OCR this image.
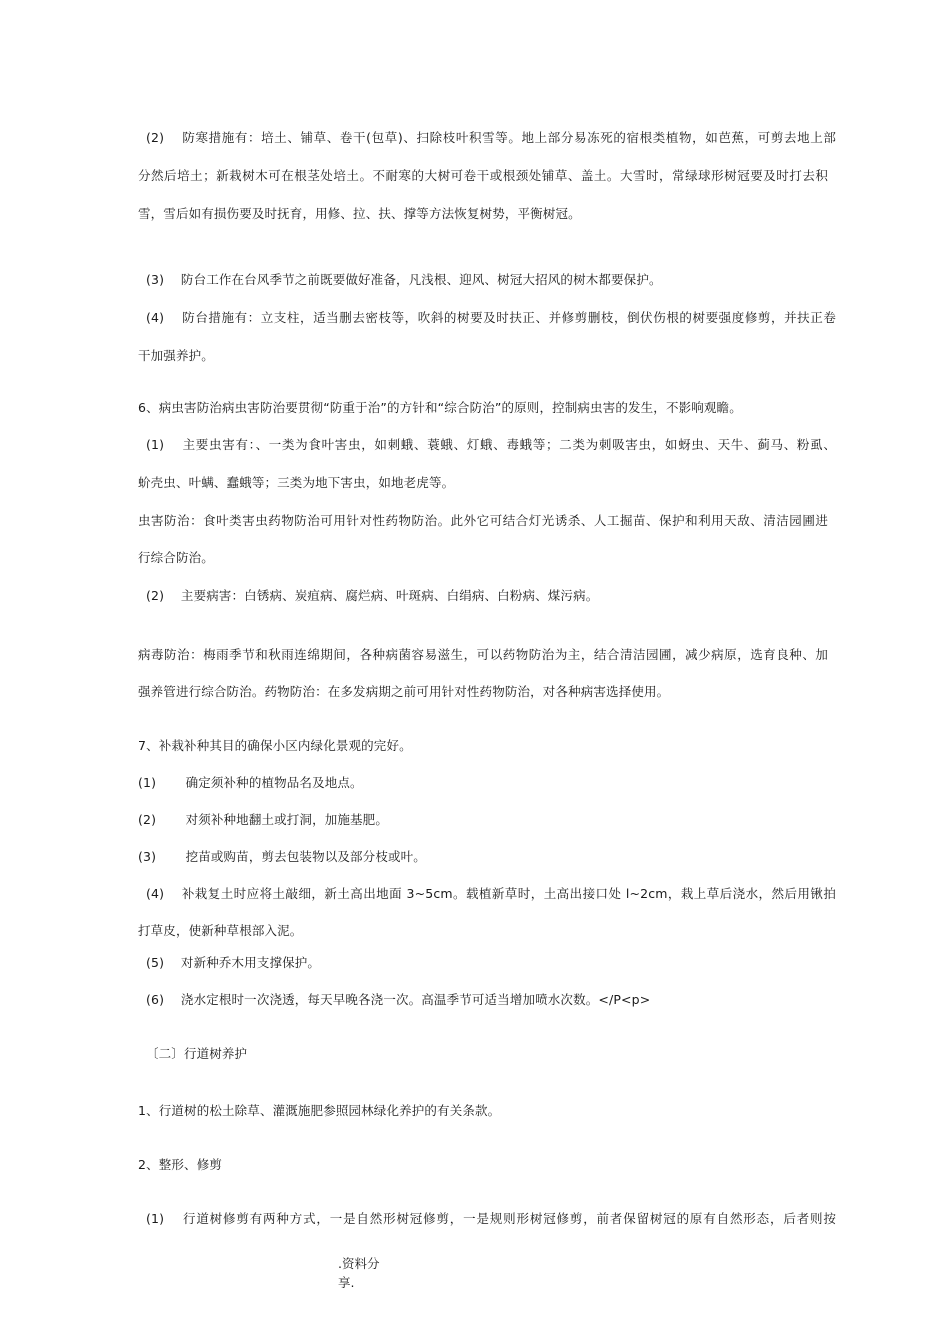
(2)　 防寒措施有：培土、铺草、卷干(包草)、扫除枝叶积雪等。地上部分易冻死的宿根类植物，如芭蕉，可剪去地上部
分然后培土；新栽树木可在根茎处培土。不耐寒的大树可卷干或根颈处铺草、盖土。大雪时，常绿球形树冠要及时打去积
雪，雪后如有损伤要及时抚育，用修、拉、扶、撑等方法恢复树势，平衡树冠。
(3)　 防台工作在台风季节之前既要做好准备，凡浅根、迎风、树冠大招风的树木都要保护。
(4)　 防台措施有：立支柱，适当删去密枝等，吹斜的树要及时扶正、并修剪删枝，倒伏伤根的树要强度修剪，并扶正卷
干加强养护。
6、病虫害防治病虫害防治要贯彻“防重于治”的方针和“综合防治”的原则，控制病虫害的发生，不影响观瞻。
(1)　 主要虫害有：、一类为食叶害虫，如刺蛾、蓑蛾、灯蛾、毒蛾等；二类为刺吸害虫，如蚜虫、天牛、蓟马、粉虱、
蚧壳虫、叶螨、蠢蛾等；三类为地下害虫，如地老虎等。
虫害防治：食叶类害虫药物防治可用针对性药物防治。此外它可结合灯光诱杀、人工掘苗、保护和利用天敌、清洁园圃进
行综合防治。
(2)　 主要病害：白锈病、炭疽病、腐烂病、叶斑病、白绢病、白粉病、煤污病。
病毒防治：梅雨季节和秋雨连绵期间，各种病菌容易滋生，可以药物防治为主，结合清洁园圃，减少病原，选育良种、加
强养管进行综合防治。药物防治：在多发病期之前可用针对性药物防治，对各种病害选择使用。
7、补栽补种其目的确保小区内绿化景观的完好。
(1)　　 确定须补种的植物品名及地点。
(2)　　 对须补种地翻土或打洞，加施基肥。
(3)　　 挖苗或购苗，剪去包装物以及部分枝或叶。
(4)　 补栽复土时应将土敲细，新土高出地面 3~5cm。载植新草时，土高出接口处 l~2cm，栽上草后浇水，然后用锹拍
打草皮，使新种草根部入泥。
(5)　 对新种乔木用支撑保护。
(6)　 浇水定根时一次浇透，每天早晚各浇一次。高温季节可适当增加喷水次数。</P<p>
〔二〕行道树养护
1、行道树的松土除草、灌溉施肥参照园林绿化养护的有关条款。
2、整形、修剪
(1)　 行道树修剪有两种方式，一是自然形树冠修剪，一是规则形树冠修剪，前者保留树冠的原有自然形态，后者则按
.资料分
享.
